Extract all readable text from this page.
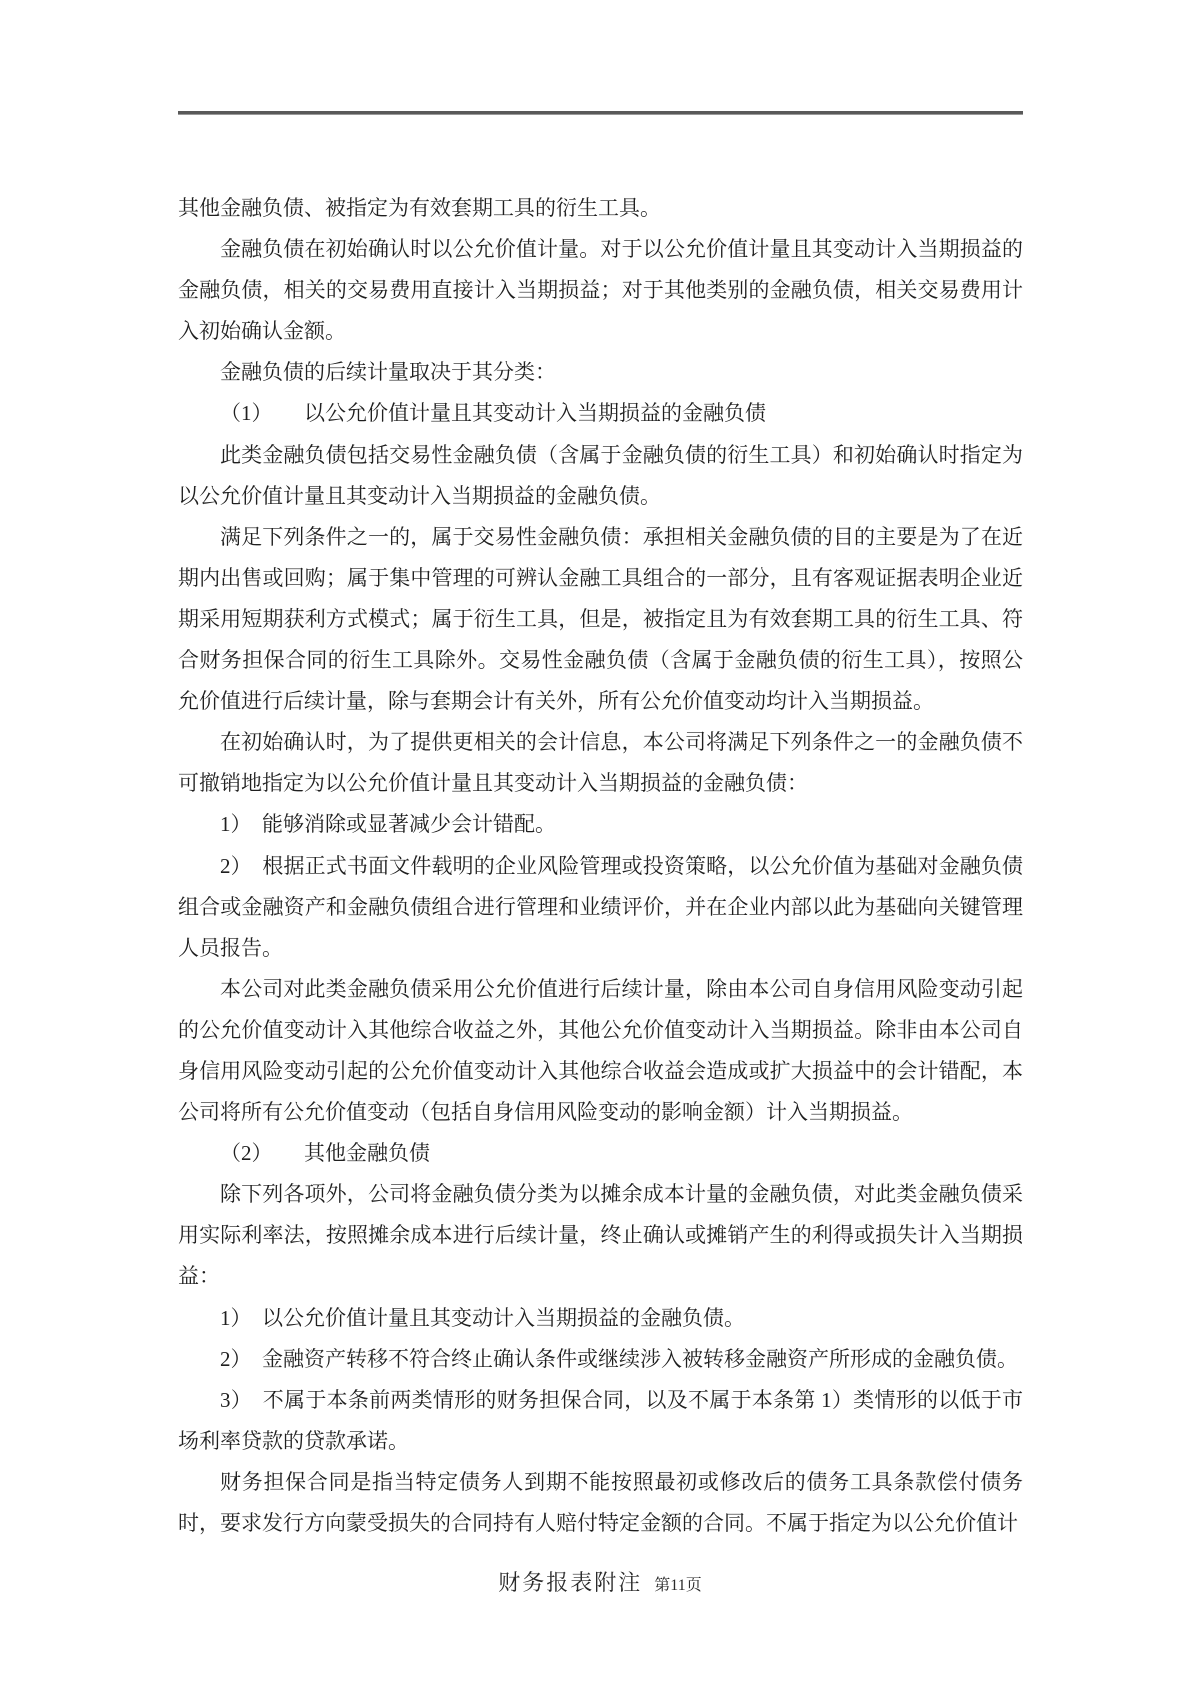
其他金融负债、被指定为有效套期工具的衍生工具。

金融负债在初始确认时以公允价值计量。对于以公允价值计量且其变动计入当期损益的金融负债，相关的交易费用直接计入当期损益；对于其他类别的金融负债，相关交易费用计入初始确认金额。

金融负债的后续计量取决于其分类：

（1）　　以公允价值计量且其变动计入当期损益的金融负债

此类金融负债包括交易性金融负债（含属于金融负债的衍生工具）和初始确认时指定为以公允价值计量且其变动计入当期损益的金融负债。

满足下列条件之一的，属于交易性金融负债：承担相关金融负债的目的主要是为了在近期内出售或回购；属于集中管理的可辨认金融工具组合的一部分，且有客观证据表明企业近期采用短期获利方式模式；属于衍生工具，但是，被指定且为有效套期工具的衍生工具、符合财务担保合同的衍生工具除外。交易性金融负债（含属于金融负债的衍生工具），按照公允价值进行后续计量，除与套期会计有关外，所有公允价值变动均计入当期损益。

在初始确认时，为了提供更相关的会计信息，本公司将满足下列条件之一的金融负债不可撤销地指定为以公允价值计量且其变动计入当期损益的金融负债：

1）　能够消除或显著减少会计错配。

2）　根据正式书面文件载明的企业风险管理或投资策略，以公允价值为基础对金融负债组合或金融资产和金融负债组合进行管理和业绩评价，并在企业内部以此为基础向关键管理人员报告。

本公司对此类金融负债采用公允价值进行后续计量，除由本公司自身信用风险变动引起的公允价值变动计入其他综合收益之外，其他公允价值变动计入当期损益。除非由本公司自身信用风险变动引起的公允价值变动计入其他综合收益会造成或扩大损益中的会计错配，本公司将所有公允价值变动（包括自身信用风险变动的影响金额）计入当期损益。

（2）　　其他金融负债

除下列各项外，公司将金融负债分类为以摊余成本计量的金融负债，对此类金融负债采用实际利率法，按照摊余成本进行后续计量，终止确认或摊销产生的利得或损失计入当期损益：

1）　以公允价值计量且其变动计入当期损益的金融负债。

2）　金融资产转移不符合终止确认条件或继续涉入被转移金融资产所形成的金融负债。

3）　不属于本条前两类情形的财务担保合同，以及不属于本条第 1）类情形的以低于市场利率贷款的贷款承诺。

财务担保合同是指当特定债务人到期不能按照最初或修改后的债务工具条款偿付债务时，要求发行方向蒙受损失的合同持有人赔付特定金额的合同。不属于指定为以公允价值计

财务报表附注 第11页
